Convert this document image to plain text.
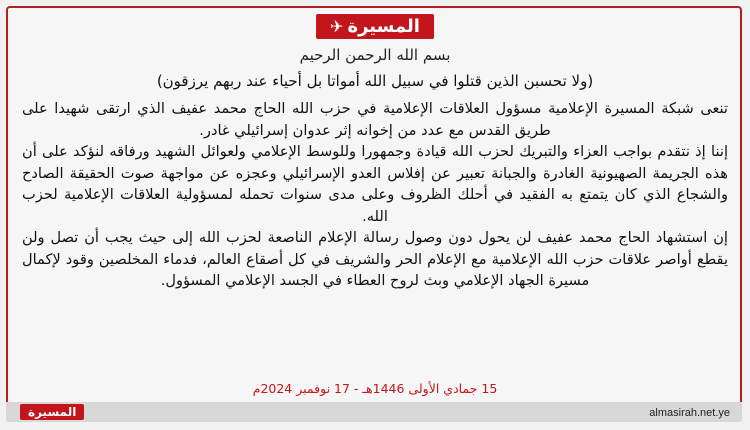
✈ المسيرة
بسم الله الرحمن الرحيم
(ولا تحسبن الذين قتلوا في سبيل الله أمواتا بل أحياء عند ربهم يرزقون)

تنعى شبكة المسيرة الإعلامية مسؤول العلاقات الإعلامية في حزب الله الحاج محمد عفيف الذي ارتقى شهيدا على طريق القدس مع عدد من إخوانه إثر عدوان إسرائيلي غادر.

إننا إذ نتقدم بواجب العزاء والتبريك لحزب الله قيادة وجمهورا وللوسط الإعلامي ولعوائل الشهيد ورفاقه لنؤكد على أن هذه الجريمة الصهيونية الغادرة والجبانة تعبير عن إفلاس العدو الإسرائيلي وعجزه عن مواجهة صوت الحقيقة الصادح والشجاع الذي كان يتمتع به الفقيد في أحلك الظروف وعلى مدى سنوات تحمله لمسؤولية العلاقات الإعلامية لحزب الله.

إن استشهاد الحاج محمد عفيف لن يحول دون وصول رسالة الإعلام الناصعة لحزب الله إلى حيث يجب أن تصل ولن يقطع أواصر علاقات حزب الله الإعلامية مع الإعلام الحر والشريف في كل أصقاع العالم، فدماء المخلصين وقود لإكمال مسيرة الجهاد الإعلامي وبث لروح العطاء في الجسد الإعلامي المسؤول.

15 جمادي الأولى 1446هـ - 17 نوفمبر 2024م
المسيرة	almasirah.net.ye
